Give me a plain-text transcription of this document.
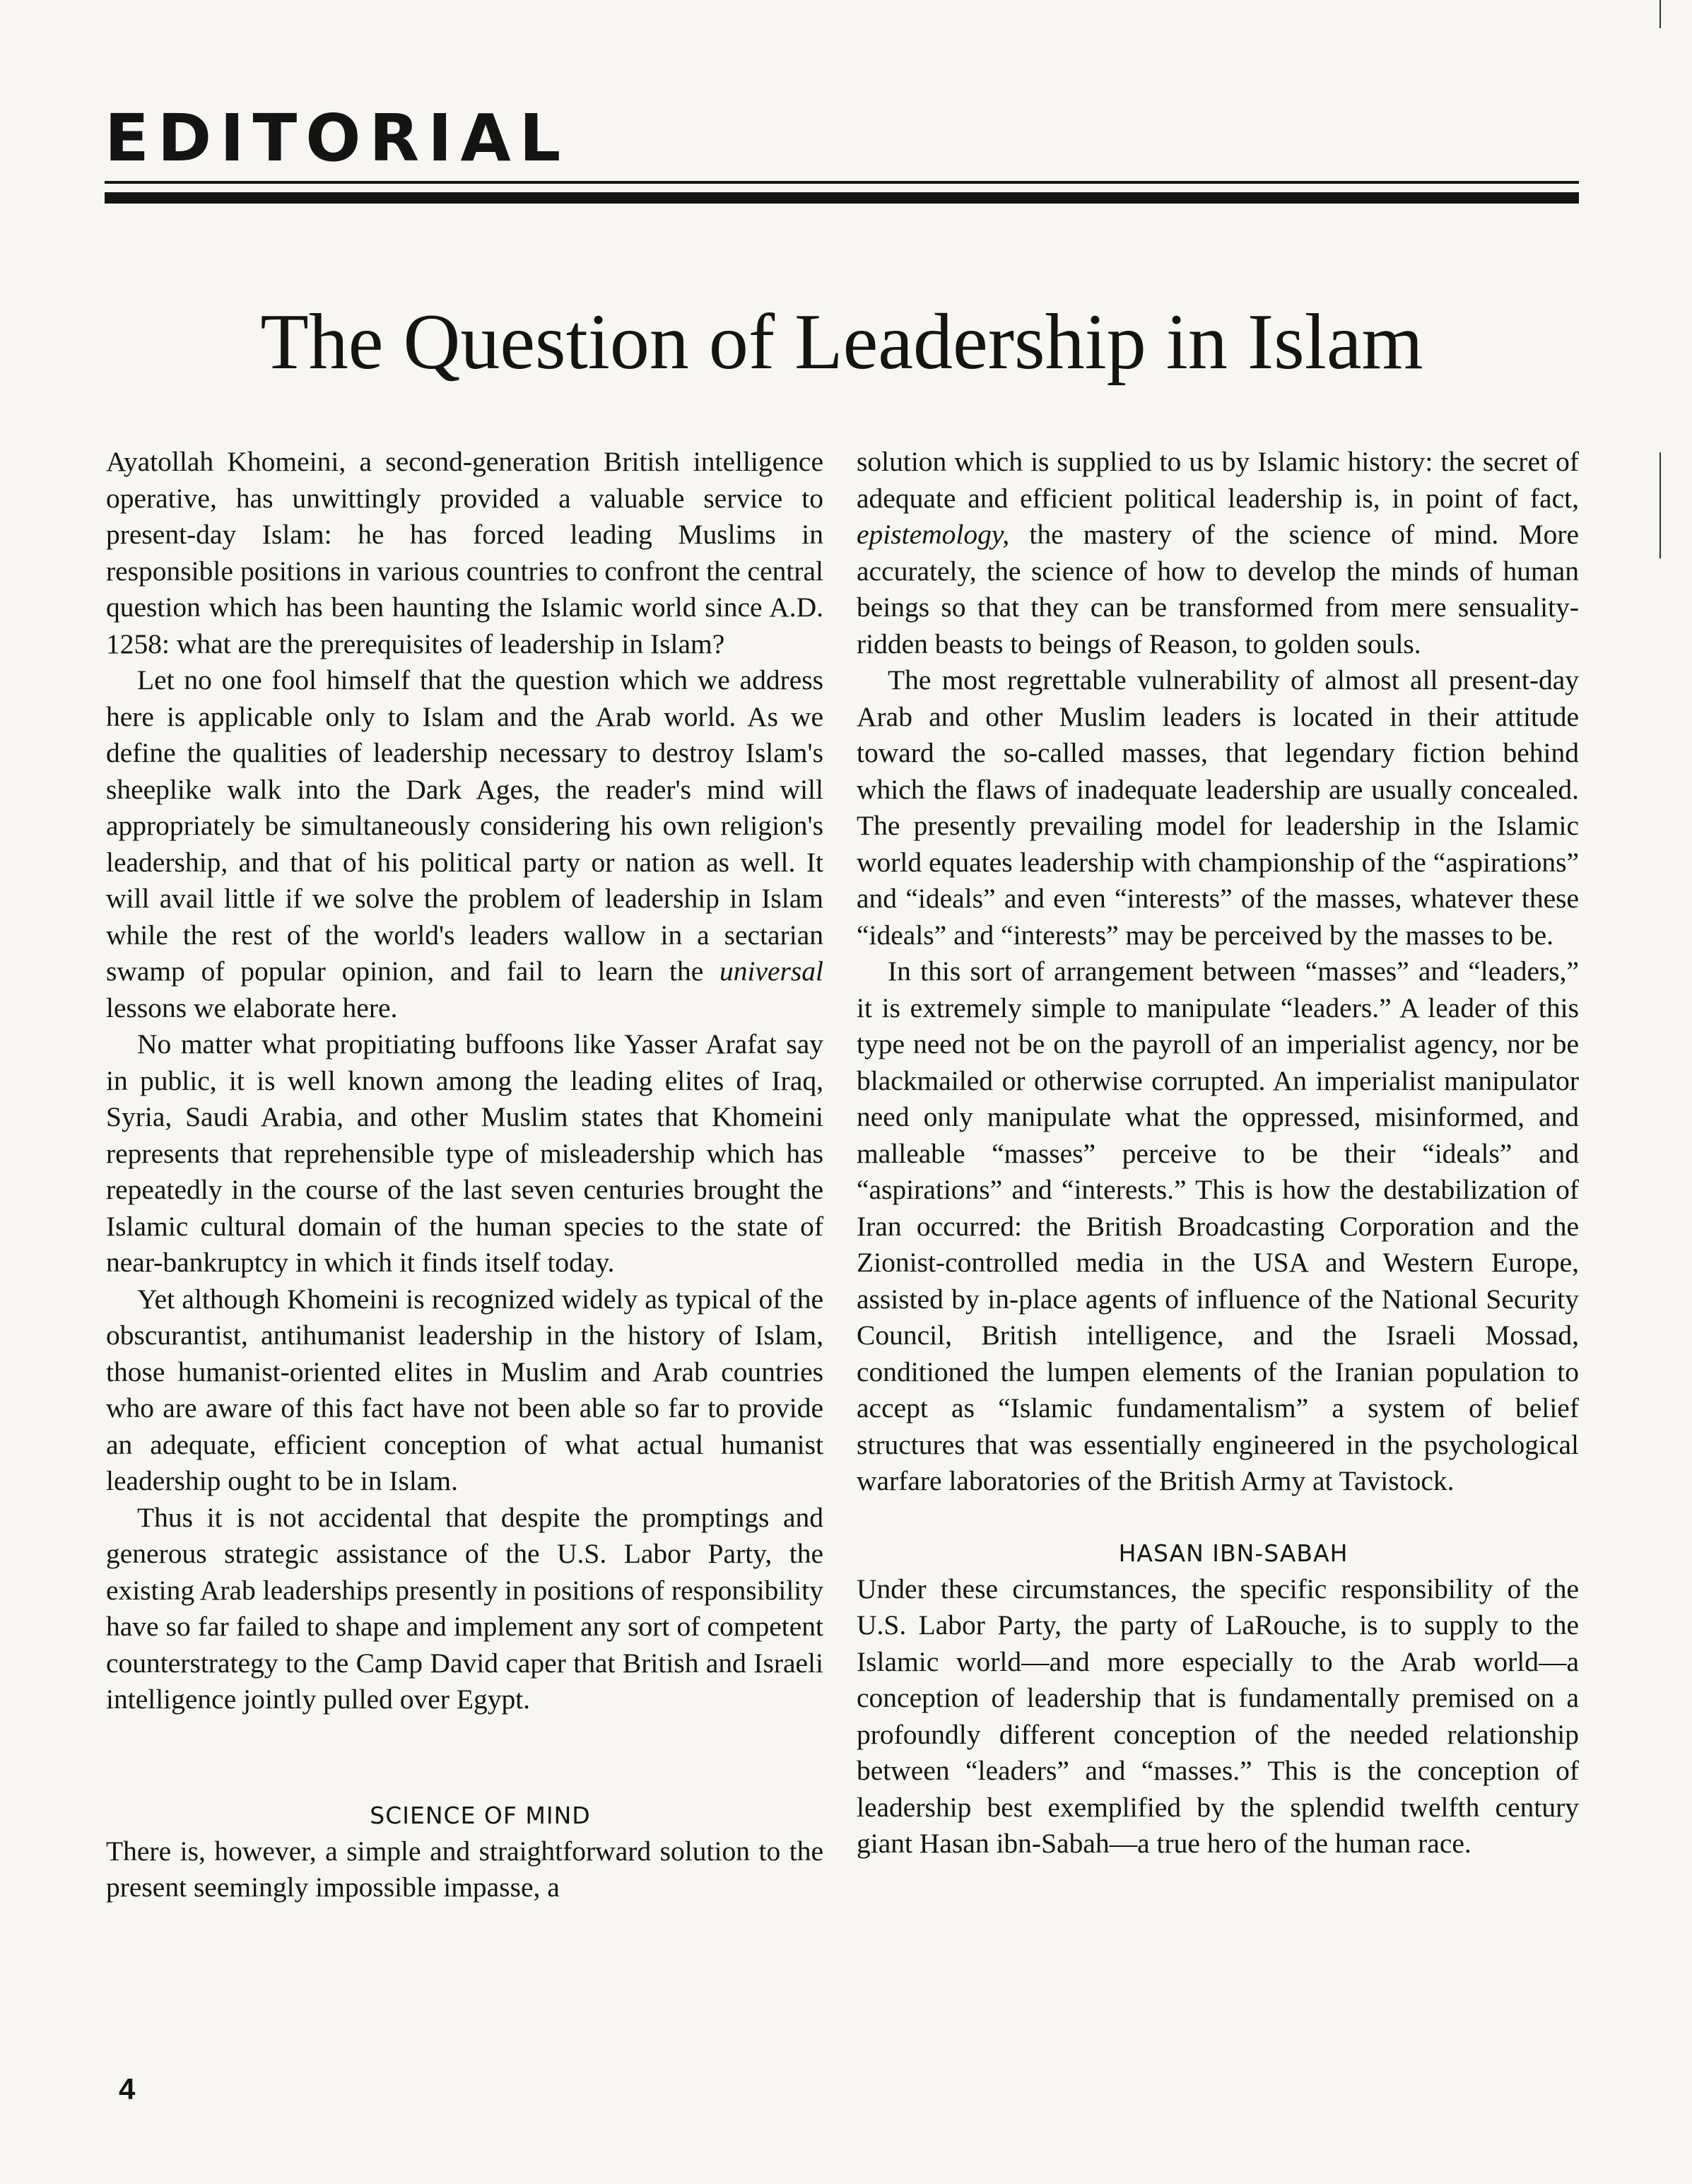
EDITORIAL
The Question of Leadership in Islam

Ayatollah Khomeini, a second-generation British intelligence operative, has unwittingly provided a valuable service to present-day Islam: he has forced leading Muslims in responsible positions in various countries to confront the central question which has been haunting the Islamic world since A.D. 1258: what are the prerequisites of leadership in Islam?

Let no one fool himself that the question which we address here is applicable only to Islam and the Arab world. As we define the qualities of leadership necessary to destroy Islam's sheeplike walk into the Dark Ages, the reader's mind will appropriately be simultaneously considering his own religion's leadership, and that of his political party or nation as well. It will avail little if we solve the problem of leadership in Islam while the rest of the world's leaders wallow in a sectarian swamp of popular opinion, and fail to learn the universal lessons we elaborate here.

No matter what propitiating buffoons like Yasser Arafat say in public, it is well known among the leading elites of Iraq, Syria, Saudi Arabia, and other Muslim states that Khomeini represents that reprehensible type of misleadership which has repeatedly in the course of the last seven centuries brought the Islamic cultural domain of the human species to the state of near-bankruptcy in which it finds itself today.

Yet although Khomeini is recognized widely as typical of the obscurantist, antihumanist leadership in the history of Islam, those humanist-oriented elites in Muslim and Arab countries who are aware of this fact have not been able so far to provide an adequate, efficient conception of what actual humanist leadership ought to be in Islam.

Thus it is not accidental that despite the promptings and generous strategic assistance of the U.S. Labor Party, the existing Arab leaderships presently in positions of responsibility have so far failed to shape and implement any sort of competent counterstrategy to the Camp David caper that British and Israeli intelligence jointly pulled over Egypt.

SCIENCE OF MIND

There is, however, a simple and straightforward solution to the present seemingly impossible impasse, a

solution which is supplied to us by Islamic history: the secret of adequate and efficient political leadership is, in point of fact, epistemology, the mastery of the science of mind. More accurately, the science of how to develop the minds of human beings so that they can be transformed from mere sensuality-ridden beasts to beings of Reason, to golden souls.

The most regrettable vulnerability of almost all present-day Arab and other Muslim leaders is located in their attitude toward the so-called masses, that legendary fiction behind which the flaws of inadequate leadership are usually concealed. The presently prevailing model for leadership in the Islamic world equates leadership with championship of the “aspirations” and “ideals” and even “interests” of the masses, whatever these “ideals” and “interests” may be perceived by the masses to be.

In this sort of arrangement between “masses” and “leaders,” it is extremely simple to manipulate “leaders.” A leader of this type need not be on the payroll of an imperialist agency, nor be blackmailed or otherwise corrupted. An imperialist manipulator need only manipulate what the oppressed, misinformed, and malleable “masses” perceive to be their “ideals” and “aspirations” and “interests.” This is how the destabilization of Iran occurred: the British Broadcasting Corporation and the Zionist-controlled media in the USA and Western Europe, assisted by in-place agents of influence of the National Security Council, British intelligence, and the Israeli Mossad, conditioned the lumpen elements of the Iranian population to accept as “Islamic fundamentalism” a system of belief structures that was essentially engineered in the psychological warfare laboratories of the British Army at Tavistock.

HASAN IBN-SABAH

Under these circumstances, the specific responsibility of the U.S. Labor Party, the party of LaRouche, is to supply to the Islamic world—and more especially to the Arab world—a conception of leadership that is fundamentally premised on a profoundly different conception of the needed relationship between “leaders” and “masses.” This is the conception of leadership best exemplified by the splendid twelfth century giant Hasan ibn-Sabah—a true hero of the human race.

4
